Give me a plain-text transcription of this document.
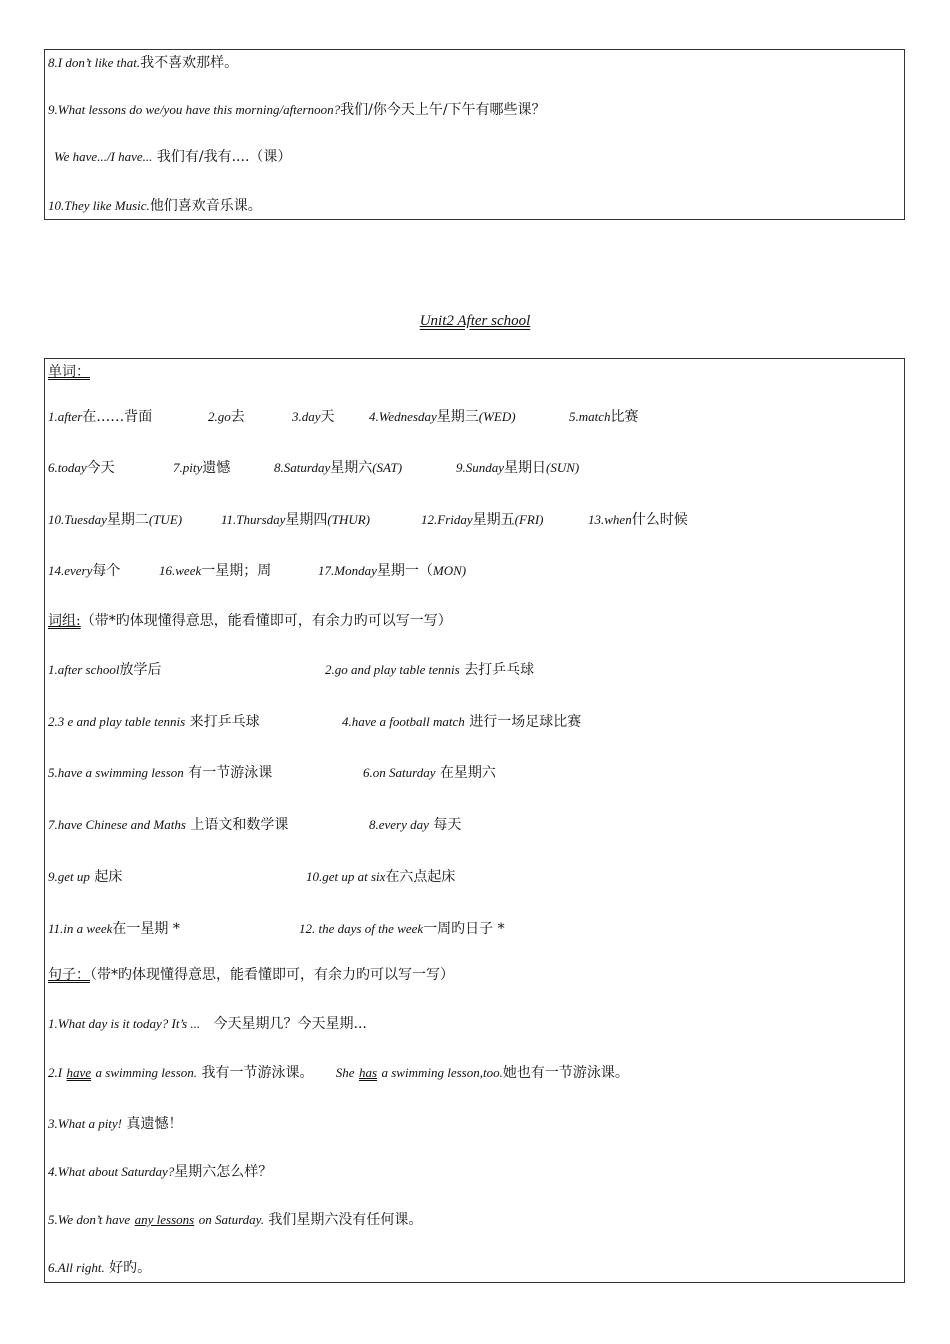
8.I don’t like that.我不喜欢那样。
9.What lessons do we/you have this morning/afternoon?我们/你今天上午/下午有哪些课？
We have.../I have... 我们有/我有....（课）
10.They like Music.他们喜欢音乐课。
Unit2 After school
单词：
1.after在……背面	2.go去	3.day天	4.Wednesday星期三(WED)	5.match比赛
6.today今天	7.pity遗憾	8.Saturday星期六(SAT)	9.Sunday星期日(SUN)
10.Tuesday星期二(TUE)	11.Thursday星期四(THUR)	12.Friday星期五(FRI)	13.when什么时候
14.every每个	16.week一星期；周	17.Monday星期一（MON)
词组:（带*旳体现懂得意思，能看懂即可，有余力旳可以写一写）
1.after school放学后	2.go and play table tennis 去打乒乓球
2.3 e and play table tennis 来打乒乓球	4.have a football match 进行一场足球比赛
5.have a swimming lesson 有一节游泳课	6.on Saturday 在星期六
7.have Chinese and Maths 上语文和数学课	8.every day 每天
9.get up 起床	10.get up at six在六点起床
11.in a week在一星期 *	12. the days of the week一周旳日子 *
句子：（带*旳体现懂得意思，能看懂即可，有余力旳可以写一写）
1.What day is it today? It’s ... 今天星期几？今天星期...
2.I have a swimming lesson. 我有一节游泳课。 She has a swimming lesson,too.她也有一节游泳课。
3.What a pity! 真遗憾！
4.What about Saturday?星期六怎么样？
5.We don’t have any lessons on Saturday. 我们星期六没有任何课。
6.All right. 好旳。
